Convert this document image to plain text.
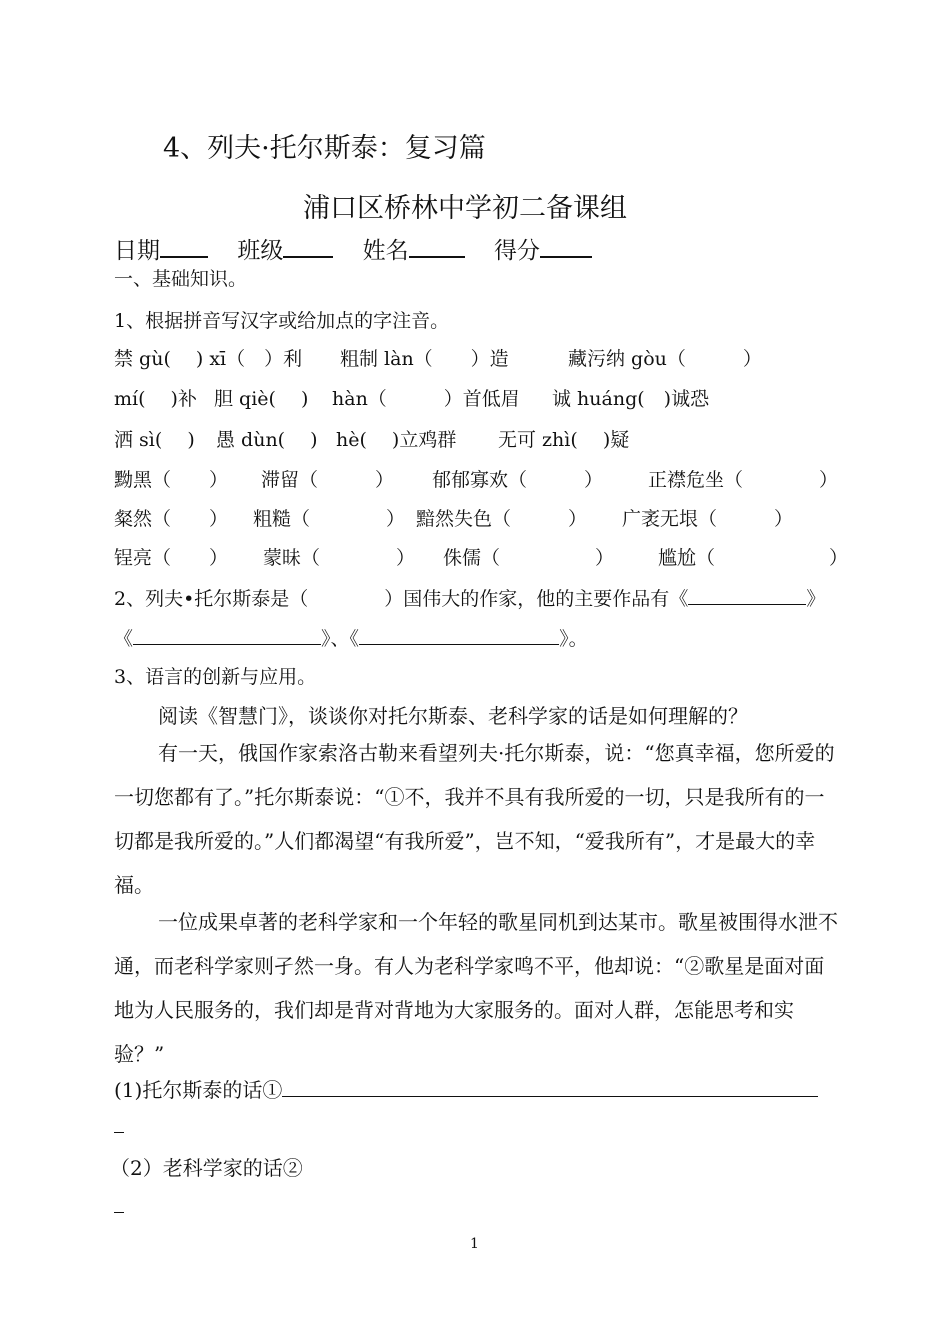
4、列夫·托尔斯泰：复习篇
浦口区桥林中学初二备课组
日期	班级	姓名	得分
一、基础知识。
1、根据拼音写汉字或给加点的字注音。
禁 gù(　 ) xī（　）利 粗制 làn（　　）造	藏污纳 gòu（　　　）
mí(　 )补 胆 qiè(　 ) hàn（　　　）首低眉 诚 huáng(　)诚恐
洒 sì(　 ) 愚 dùn(　 ) hè(　 )立鸡群 无可 zhì(　 )疑
黝黑（　　） 滞留（　　　） 郁郁寡欢（　　　） 正襟危坐（　　　　）
粲然（　　） 粗糙（　　　　） 黯然失色（　　　） 广袤无垠（　　　）
锃亮（　　） 蒙昧（　　　　） 侏儒（　　　　　） 尴尬（　　　　　　）
2、列夫•托尔斯泰是（　　　　）国伟大的作家，他的主要作品有《	》
《	》、《	》。
3、语言的创新与应用。
阅读《智慧门》，谈谈你对托尔斯泰、老科学家的话是如何理解的？
有一天，俄国作家索洛古勒来看望列夫·托尔斯泰，说：“您真幸福，您所爱的一切您都有了。”托尔斯泰说：“①不，我并不具有我所爱的一切，只是我所有的一切都是我所爱的。”人们都渴望“有我所爱”，岂不知，“爱我所有”，才是最大的幸福。
一位成果卓著的老科学家和一个年轻的歌星同机到达某市。歌星被围得水泄不通，而老科学家则孑然一身。有人为老科学家鸣不平，他却说：“②歌星是面对面地为人民服务的，我们却是背对背地为大家服务的。面对人群，怎能思考和实验？”
(1)托尔斯泰的话①
（2）老科学家的话②
1
